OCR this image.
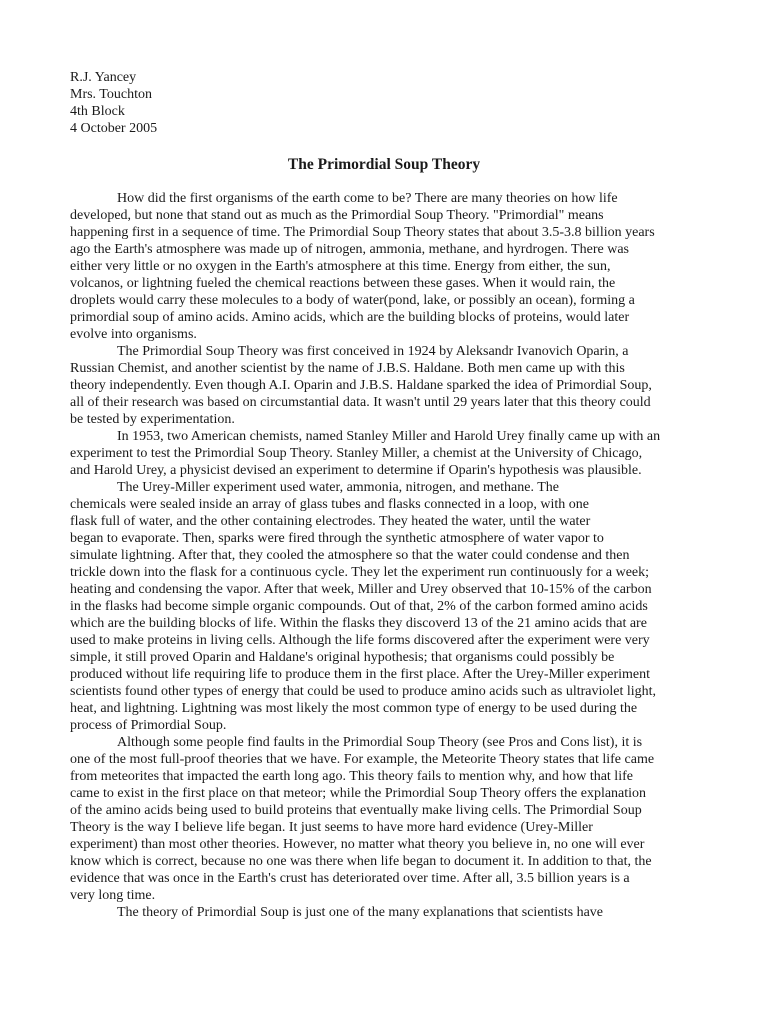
R.J. Yancey
Mrs. Touchton
4th Block
4 October 2005
The Primordial Soup Theory
How did the first organisms of the earth come to be? There are many theories on how life
developed, but none that stand out as much as the Primordial Soup Theory. "Primordial" means
happening first in a sequence of time. The Primordial Soup Theory states that about 3.5-3.8 billion years
ago the Earth's atmosphere was made up of nitrogen, ammonia, methane, and hyrdrogen. There was
either very little or no oxygen in the Earth's atmosphere at this time. Energy from either, the sun,
volcanos, or lightning fueled the chemical reactions between these gases. When it would rain, the
droplets would carry these molecules to a body of water(pond, lake, or possibly an ocean), forming a
primordial soup of amino acids. Amino acids, which are the building blocks of proteins, would later
evolve into organisms.
The Primordial Soup Theory was first conceived in 1924 by Aleksandr Ivanovich Oparin, a
Russian Chemist, and another scientist by the name of J.B.S. Haldane. Both men came up with this
theory independently. Even though A.I. Oparin and J.B.S. Haldane sparked the idea of Primordial Soup,
all of their research was based on circumstantial data. It wasn't until 29 years later that this theory could
be tested by experimentation.
In 1953, two American chemists, named Stanley Miller and Harold Urey finally came up with an
experiment to test the Primordial Soup Theory. Stanley Miller, a chemist at the University of Chicago,
and Harold Urey, a physicist devised an experiment to determine if Oparin's hypothesis was plausible.
The Urey-Miller experiment used water, ammonia, nitrogen, and methane. The
chemicals were sealed inside an array of glass tubes and flasks connected in a loop, with one
flask full of water, and the other containing electrodes. They heated the water, until the water
began to evaporate. Then, sparks were fired through the synthetic atmosphere of water vapor to
simulate lightning. After that, they cooled the atmosphere so that the water could condense and then
trickle down into the flask for a continuous cycle. They let the experiment run continuously for a week;
heating and condensing the vapor. After that week, Miller and Urey observed that 10-15% of the carbon
in the flasks had become simple organic compounds. Out of that, 2% of the carbon formed amino acids
which are the building blocks of life. Within the flasks they discoverd 13 of the 21 amino acids that are
used to make proteins in living cells. Although the life forms discovered after the experiment were very
simple, it still proved Oparin and Haldane's original hypothesis; that organisms could possibly be
produced without life requiring life to produce them in the first place. After the Urey-Miller experiment
scientists found other types of energy that could be used to produce amino acids such as ultraviolet light,
heat, and lightning. Lightning was most likely the most common type of energy to be used during the
process of Primordial Soup.
Although some people find faults in the Primordial Soup Theory (see Pros and Cons list), it is
one of the most full-proof theories that we have. For example, the Meteorite Theory states that life came
from meteorites that impacted the earth long ago. This theory fails to mention why, and how that life
came to exist in the first place on that meteor; while the Primordial Soup Theory offers the explanation
of the amino acids being used to build proteins that eventually make living cells. The Primordial Soup
Theory is the way I believe life began. It just seems to have more hard evidence (Urey-Miller
experiment) than most other theories. However, no matter what theory you believe in, no one will ever
know which is correct, because no one was there when life began to document it. In addition to that, the
evidence that was once in the Earth's crust has deteriorated over time. After all, 3.5 billion years is a
very long time.
The theory of Primordial Soup is just one of the many explanations that scientists have
